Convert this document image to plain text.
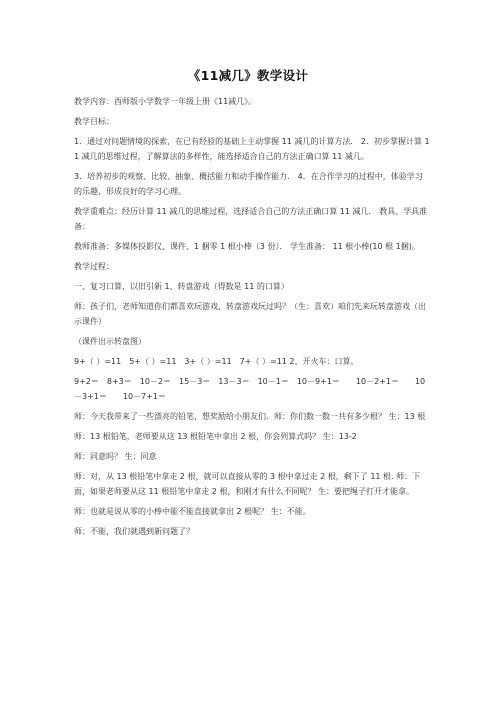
《11减几》教学设计

教学内容：西师版小学数学一年级上册《11减几》。

教学目标：

1．通过对问题情境的探索，在已有经验的基础上主动掌握 11 减几的计算方法． 2．初步掌握计算 11 减几的思维过程，了解算法的多样性，能选择适合自己的方法正确口算 11 减几。

3．培养初步的观察、比较、抽象、概括能力和动手操作能力． 4．在合作学习的过程中，体验学习的乐趣，形成良好的学习心理。

教学重难点：经历计算 11 减几的思维过程，选择适合自己的方法正确口算 11 减几． 教具、学具准备：

教师准备：多媒体投影仪、课件、1 捆零 1 根小棒（3 份）． 学生准备： 11 根小棒(10 根 1捆)。

教学过程：

一、复习口算，以旧引新 1、转盘游戏（得数是 11 的口算）

师：孩子们，老师知道你们都喜欢玩游戏，转盘游戏玩过吗？（生：喜欢）咱们先来玩转盘游戏（出示课件）

（课件出示转盘图）

9+（ ）=11　5+（ ）=11　3+（ ）=11　7+（ ）=11 2、开火车：口算。

9+2＝　8+3＝　10－2＝　15－3＝　13－3＝　10－1＝　10－9+1＝　　10－2+1＝　　10－3+1＝　　10－7+1＝

师：今天我带来了一些漂亮的铅笔，想奖励给小朋友们．师：你们数一数一共有多少根？ 生：13 根

师：13 根铅笔，老师要从这 13 根铅笔中拿出 2 根，你会列算式吗？ 生：13-2

师：同意吗？ 生：同意

师：对，从 13 根铅笔中拿走 2 根，就可以直接从零的 3 根中拿过走 2 根，剩下了 11 根. 师：下面，如果老师要从这 11 根铅笔中拿走 2 根，和刚才有什么不同呢？ 生：要把绳子打开才能拿。

师：也就是说从零的小棒中能不能直接就拿出 2 根呢？ 生：不能。

师：不能，我们就遇到新问题了？
